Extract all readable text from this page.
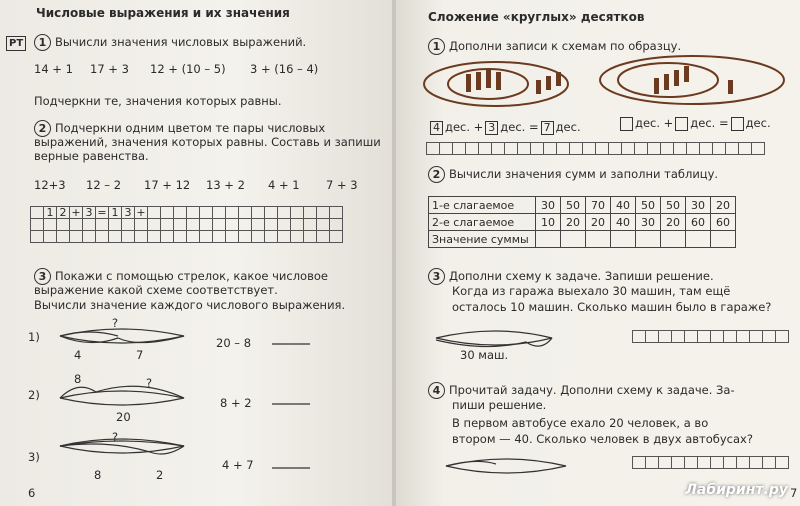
Числовые выражения и их значения
РТ	1 Вычисли значения числовых выражений.
14 + 1 17 + 3 12 + (10 – 5) 3 + (16 – 4)
Подчеркни те, значения которых равны.
2 Подчеркни одним цветом те пары числовых
выражений, значения которых равны. Составь и запиши
верные равенства.
12+3 12 – 2 17 + 12 13 + 2 4 + 1 7 + 3
1 2 + 3 = 1 3 +
3 Покажи с помощью стрелок, какое числовое
выражение какой схеме соответствует.
Вычисли значение каждого числового выражения.
1)
?
4	7
20 – 8
2)
8	?
20
8 + 2
3)
?
8	2
4 + 7
6
Сложение «круглых» десятков
1 Дополни записи к схемам по образцу.
4 дес. + 3 дес. = 7 дес.	дес. + дес. = дес.
2 Вычисли значения сумм и заполни таблицу.
1-е слагаемое	30	50	70	40	50	50	30	20
2-е слагаемое	10	20	20	40	30	20	60	60
Значение суммы								
3 Дополни схему к задаче. Запиши решение.
Когда из гаража выехало 30 машин, там ещё
осталось 10 машин. Сколько машин было в гараже?
30 маш.
4 Прочитай задачу. Дополни схему к задаче. За-
пиши решение.
В первом автобусе ехало 20 человек, а во
втором — 40. Сколько человек в двух автобусах?
7
Лабиринт.ру
